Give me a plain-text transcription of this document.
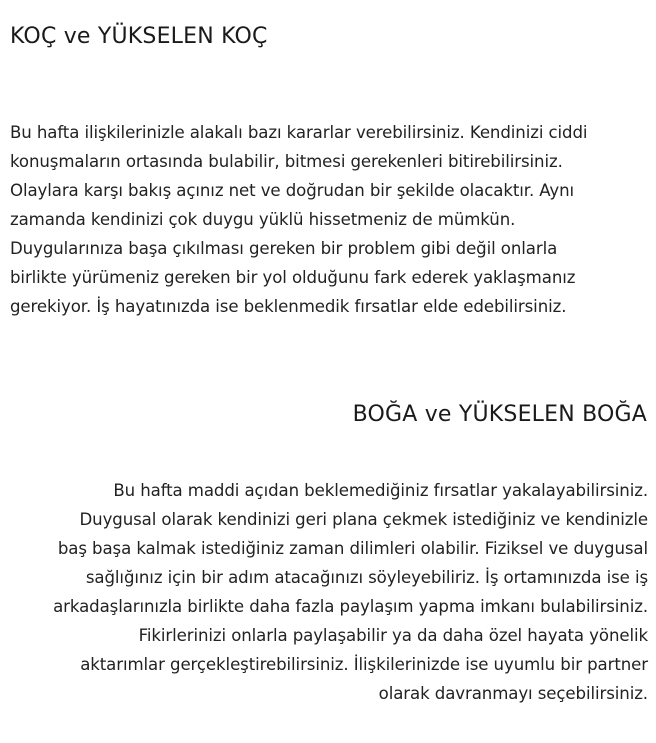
KOÇ ve YÜKSELEN KOÇ
Bu hafta ilişkilerinizle alakalı bazı kararlar verebilirsiniz. Kendinizi ciddi
konuşmaların ortasında bulabilir, bitmesi gerekenleri bitirebilirsiniz.
Olaylara karşı bakış açınız net ve doğrudan bir şekilde olacaktır. Aynı
zamanda kendinizi çok duygu yüklü hissetmeniz de mümkün.
Duygularınıza başa çıkılması gereken bir problem gibi değil onlarla
birlikte yürümeniz gereken bir yol olduğunu fark ederek yaklaşmanız
gerekiyor. İş hayatınızda ise beklenmedik fırsatlar elde edebilirsiniz.
BOĞA ve YÜKSELEN BOĞA
Bu hafta maddi açıdan beklemediğiniz fırsatlar yakalayabilirsiniz.
Duygusal olarak kendinizi geri plana çekmek istediğiniz ve kendinizle
baş başa kalmak istediğiniz zaman dilimleri olabilir. Fiziksel ve duygusal
sağlığınız için bir adım atacağınızı söyleyebiliriz. İş ortamınızda ise iş
arkadaşlarınızla birlikte daha fazla paylaşım yapma imkanı bulabilirsiniz.
Fikirlerinizi onlarla paylaşabilir ya da daha özel hayata yönelik
aktarımlar gerçekleştirebilirsiniz. İlişkilerinizde ise uyumlu bir partner
olarak davranmayı seçebilirsiniz.
